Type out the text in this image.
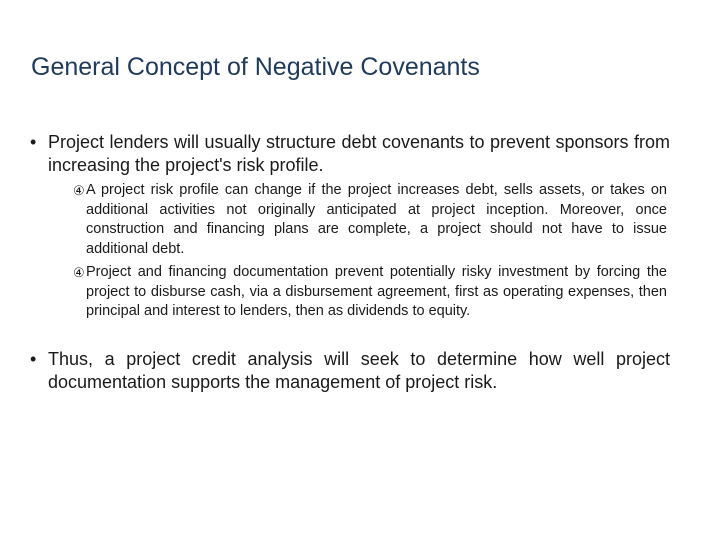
General Concept of Negative Covenants
• Project lenders will usually structure debt covenants to prevent sponsors from increasing the project's risk profile.
④ A project risk profile can change if the project increases debt, sells assets, or takes on additional activities not originally anticipated at project inception. Moreover, once construction and financing plans are complete, a project should not have to issue additional debt.
④ Project and financing documentation prevent potentially risky investment by forcing the project to disburse cash, via a disbursement agreement, first as operating expenses, then principal and interest to lenders, then as dividends to equity.
• Thus, a project credit analysis will seek to determine how well project documentation supports the management of project risk.
